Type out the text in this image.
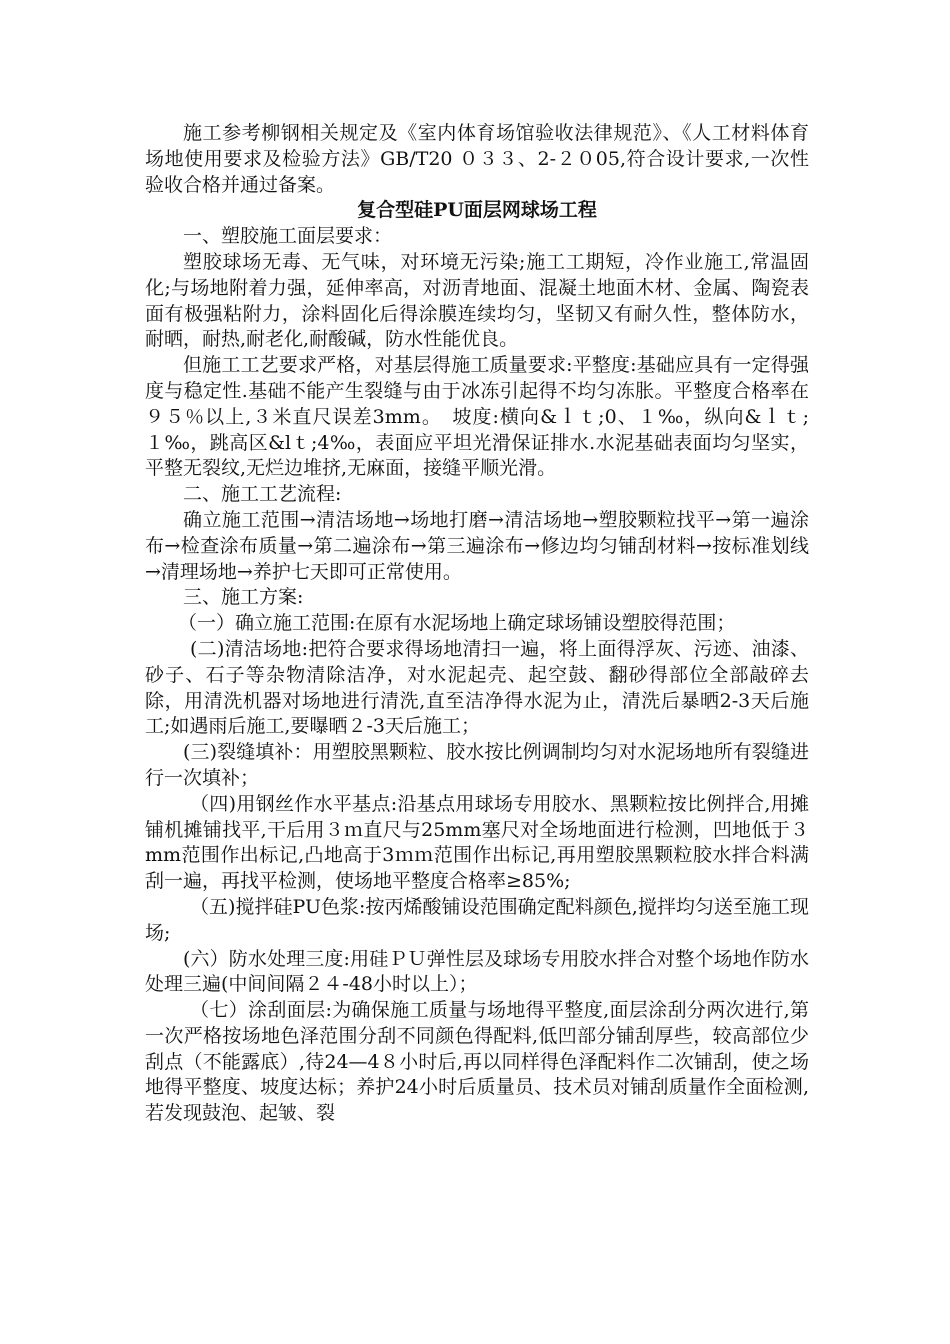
施工参考柳钢相关规定及《室内体育场馆验收法律规范》、《人工材料体育场地使用要求及检验方法》GB/T20 ０３３、2-２０05,符合设计要求,一次性验收合格并通过备案。

复合型硅PU面层网球场工程

一、塑胶施工面层要求：

塑胶球场无毒、无气味，对环境无污染;施工工期短，冷作业施工,常温固化;与场地附着力强，延伸率高，对沥青地面、混凝土地面木材、金属、陶瓷表面有极强粘附力，涂料固化后得涂膜连续均匀，坚韧又有耐久性，整体防水，耐晒，耐热,耐老化,耐酸碱，防水性能优良。

但施工工艺要求严格，对基层得施工质量要求:平整度:基础应具有一定得强度与稳定性.基础不能产生裂缝与由于冰冻引起得不均匀冻胀。平整度合格率在９５％以上,３米直尺误差3mm。　坡度:横向&ｌｔ;0、１‰，纵向&ｌｔ;１‰，跳高区&lｔ;4‰，表面应平坦光滑保证排水.水泥基础表面均匀坚实，平整无裂纹,无烂边堆挤,无麻面，接缝平顺光滑。

二、施工工艺流程:

确立施工范围→清洁场地→场地打磨→清洁场地→塑胶颗粒找平→第一遍涂布→检查涂布质量→第二遍涂布→第三遍涂布→修边均匀铺刮材料→按标准划线→清理场地→养护七天即可正常使用。

三、施工方案:

（一）确立施工范围:在原有水泥场地上确定球场铺设塑胶得范围；

(二)清洁场地:把符合要求得场地清扫一遍，将上面得浮灰、污迹、油漆、砂子、石子等杂物清除洁净，对水泥起壳、起空鼓、翻砂得部位全部敲碎去除，用清洗机器对场地进行清洗,直至洁净得水泥为止，清洗后暴晒2-3天后施工;如遇雨后施工,要曝晒２-3天后施工；

(三)裂缝填补：用塑胶黑颗粒、胶水按比例调制均匀对水泥场地所有裂缝进行一次填补；

（四)用钢丝作水平基点:沿基点用球场专用胶水、黑颗粒按比例拌合,用摊铺机摊铺找平,干后用３ｍ直尺与25mm塞尺对全场地面进行检测，凹地低于３ mm范围作出标记,凸地高于3ｍｍ范围作出标记,再用塑胶黑颗粒胶水拌合料满刮一遍，再找平检测，使场地平整度合格率≥85%;

（五)搅拌硅PU色浆:按丙烯酸铺设范围确定配料颜色,搅拌均匀送至施工现场;

(六）防水处理三度:用硅ＰＵ弹性层及球场专用胶水拌合对整个场地作防水处理三遍(中间间隔２４-48小时以上）；

（七）涂刮面层:为确保施工质量与场地得平整度,面层涂刮分两次进行,第一次严格按场地色泽范围分刮不同颜色得配料,低凹部分铺刮厚些，较高部位少刮点（不能露底）,待24—4８小时后,再以同样得色泽配料作二次铺刮，使之场地得平整度、坡度达标；养护24小时后质量员、技术员对铺刮质量作全面检测,若发现鼓泡、起皱、裂
